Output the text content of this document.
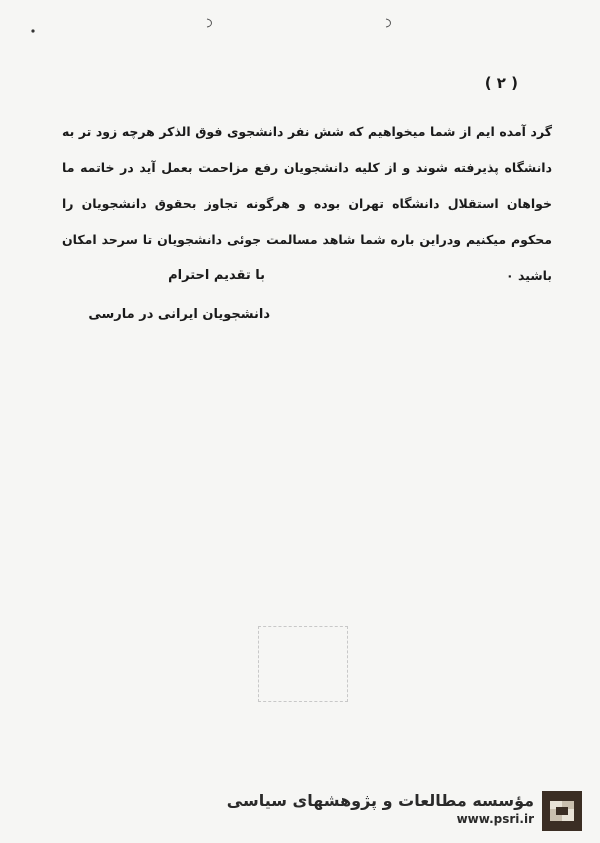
( ۲ )

گرد آمده ایم از شما میخواهیم که شش نفر دانشجوی فوق الذکر هرچه زود تر به دانشگاه پذیرفته شوند و از کلیه دانشجویان رفع مزاحمت بعمل آید در خاتمه ما خواهان استقلال دانشگاه تهران بوده و هرگونه تجاوز بحقوق دانشجویان را محکوم میکنیم ودراین باره شما شاهد مسالمت جوئی دانشجویان تا سرحد امکان باشید ۰

با تقدیم احترام
دانشجویان ایرانی در مارسی
مؤسسه مطالعات و پژوهشهای سیاسی
www.psri.ir
